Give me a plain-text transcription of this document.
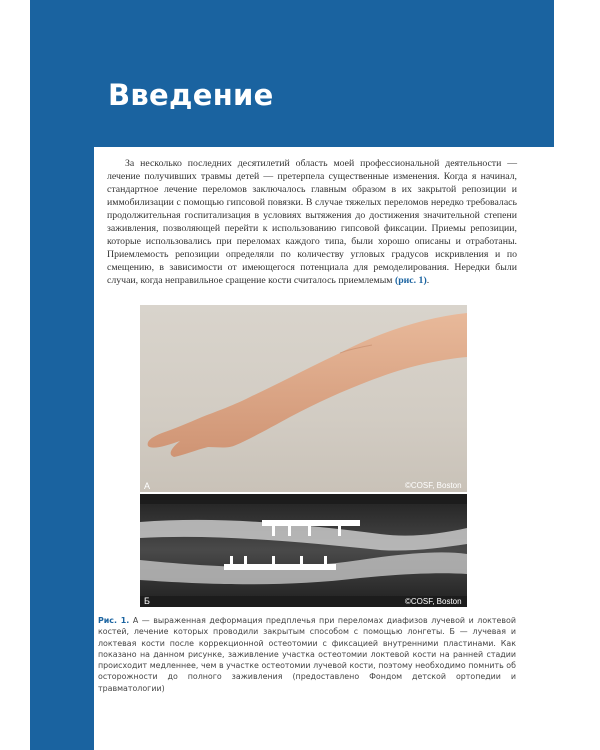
Введение

За несколько последних десятилетий область моей профессиональной деятельности — лечение получивших травмы детей — претерпела существенные изменения. Когда я начинал, стандартное лечение переломов заключалось главным образом в их закрытой репозиции и иммобилизации с помощью гипсовой повязки. В случае тяжелых переломов нередко требовалась продолжительная госпитализация в условиях вытяжения до достижения значительной степени заживления, позволяющей перейти к использованию гипсовой фиксации. Приемы репозиции, которые использовались при переломах каждого типа, были хорошо описаны и отработаны. Приемлемость репозиции определяли по количеству угловых градусов искривления и по смещению, в зависимости от имеющегося потенциала для ремоделирования. Нередки были случаи, когда неправильное сращение кости считалось приемлемым (рис. 1).

А	©COSF, Boston
Б	©COSF, Boston

Рис. 1. А — выраженная деформация предплечья при переломах диафизов лучевой и локтевой костей, лечение которых проводили закрытым способом с помощью лонгеты. Б — лучевая и локтевая кости после коррекционной остеотомии с фиксацией внутренними пластинами. Как показано на данном рисунке, заживление участка остеотомии локтевой кости на ранней стадии происходит медленнее, чем в участке остеотомии лучевой кости, поэтому необходимо помнить об осторожности до полного заживления (предоставлено Фондом детской ортопедии и травматологии)
